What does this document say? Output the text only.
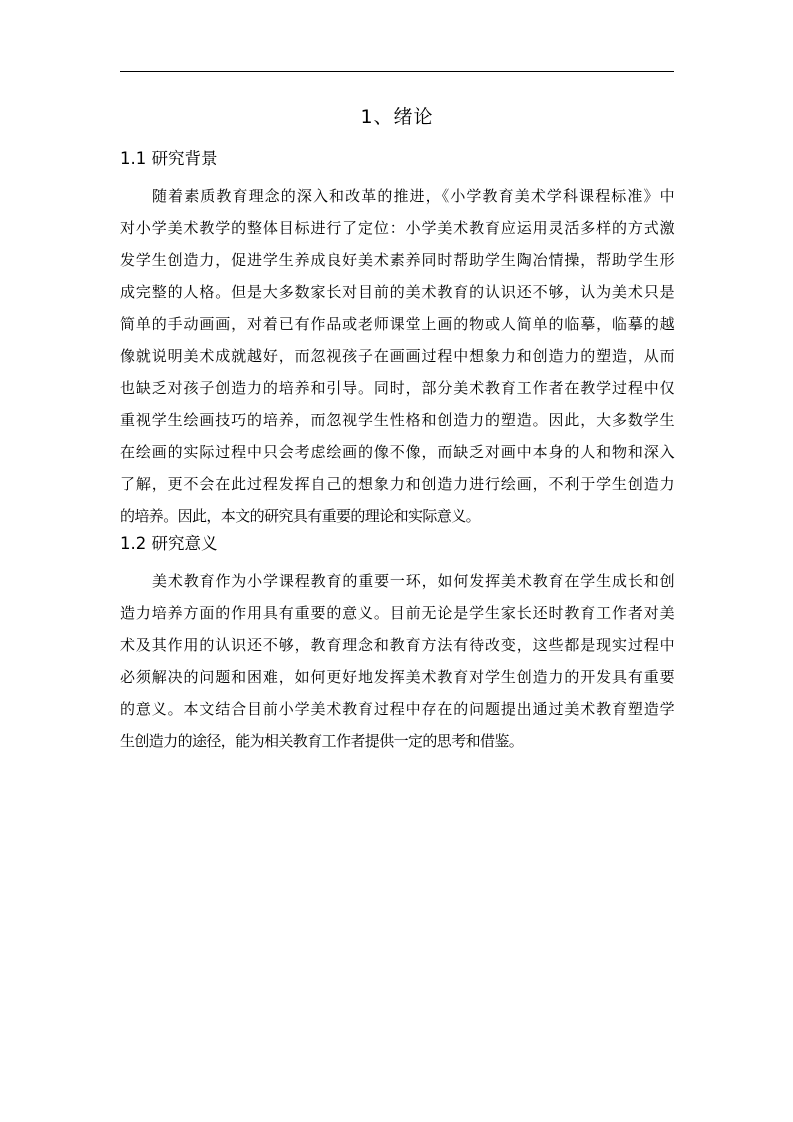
1、绪论
1.1 研究背景
随着素质教育理念的深入和改革的推进，《小学教育美术学科课程标准》中
对小学美术教学的整体目标进行了定位：小学美术教育应运用灵活多样的方式激
发学生创造力，促进学生养成良好美术素养同时帮助学生陶冶情操，帮助学生形
成完整的人格。但是大多数家长对目前的美术教育的认识还不够，认为美术只是
简单的手动画画，对着已有作品或老师课堂上画的物或人简单的临摹，临摹的越
像就说明美术成就越好，而忽视孩子在画画过程中想象力和创造力的塑造，从而
也缺乏对孩子创造力的培养和引导。同时，部分美术教育工作者在教学过程中仅
重视学生绘画技巧的培养，而忽视学生性格和创造力的塑造。因此，大多数学生
在绘画的实际过程中只会考虑绘画的像不像，而缺乏对画中本身的人和物和深入
了解，更不会在此过程发挥自己的想象力和创造力进行绘画，不利于学生创造力
的培养。因此，本文的研究具有重要的理论和实际意义。
1.2 研究意义
美术教育作为小学课程教育的重要一环，如何发挥美术教育在学生成长和创
造力培养方面的作用具有重要的意义。目前无论是学生家长还时教育工作者对美
术及其作用的认识还不够，教育理念和教育方法有待改变，这些都是现实过程中
必须解决的问题和困难，如何更好地发挥美术教育对学生创造力的开发具有重要
的意义。本文结合目前小学美术教育过程中存在的问题提出通过美术教育塑造学
生创造力的途径，能为相关教育工作者提供一定的思考和借鉴。
